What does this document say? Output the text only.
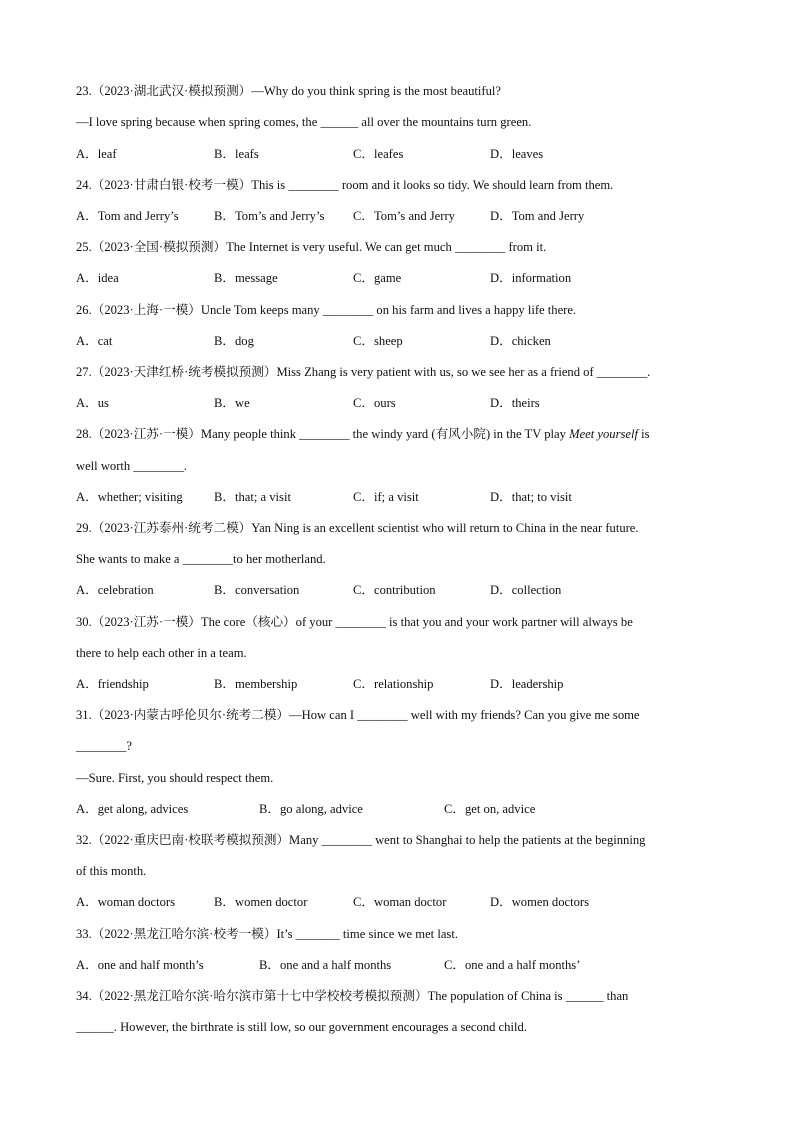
23.（2023·湖北武汉·模拟预测）—Why do you think spring is the most beautiful?
—I love spring because when spring comes, the ______ all over the mountains turn green.
A．leaf	B．leafs	C．leafes	D．leaves
24.（2023·甘肃白银·校考一模）This is ________ room and it looks so tidy. We should learn from them.
A．Tom and Jerry’s	B．Tom’s and Jerry’s C．Tom’s and Jerry	D．Tom and Jerry
25.（2023·全国·模拟预测）The Internet is very useful. We can get much ________ from it.
A．idea	B．message	C．game	D．information
26.（2023·上海·一模）Uncle Tom keeps many ________ on his farm and lives a happy life there.
A．cat	B．dog	C．sheep	D．chicken
27.（2023·天津红桥·统考模拟预测）Miss Zhang is very patient with us, so we see her as a friend of ________.
A．us	B．we	C．ours	D．theirs
28.（2023·江苏·一模）Many people think ________ the windy yard (有风小院) in the TV play Meet yourself is
well worth ________.
A．whether; visiting B．that; a visit	C．if; a visit	D．that; to visit
29.（2023·江苏泰州·统考二模）Yan Ning is an excellent scientist who will return to China in the near future.
She wants to make a ________to her motherland.
A．celebration	B．conversation	C．contribution	D．collection
30.（2023·江苏·一模）The core（核心）of your ________ is that you and your work partner will always be
there to help each other in a team.
A．friendship	B．membership	C．relationship	D．leadership
31.（2023·内蒙古呼伦贝尔·统考二模）—How can I ________ well with my friends? Can you give me some
________?
—Sure. First, you should respect them.
A．get along, advices	B．go along, advice	C．get on, advice
32.（2022·重庆巴南·校联考模拟预测）Many ________ went to Shanghai to help the patients at the beginning
of this month.
A．woman doctors	B．women doctor	C．woman doctor	D．women doctors
33.（2022·黑龙江哈尔滨·校考一模）It’s _______ time since we met last.
A．one and half month’s	B．one and a half months	C．one and a half months’
34.（2022·黑龙江哈尔滨·哈尔滨市第十七中学校校考模拟预测）The population of China is ______ than
______. However, the birthrate is still low, so our government encourages a second child.
